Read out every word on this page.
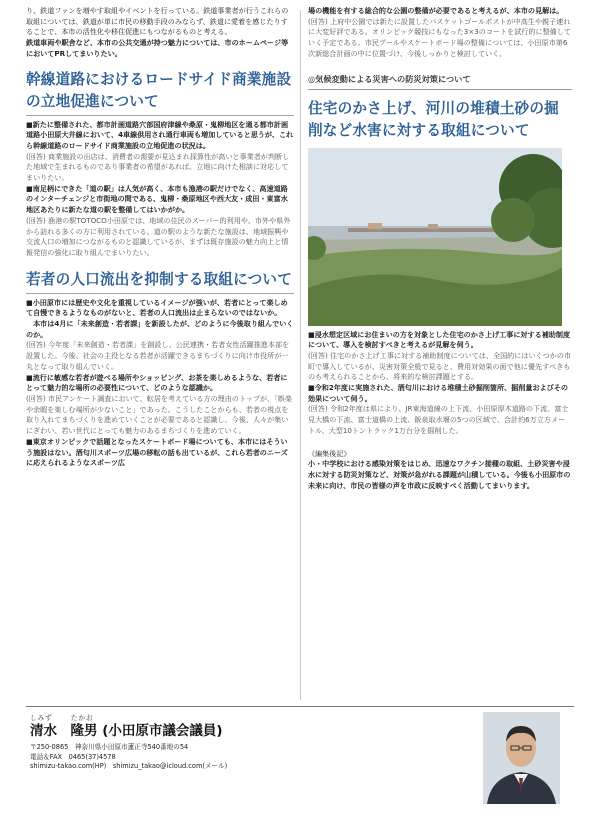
り、鉄道ファンを増やす取組やイベントを行っている。鉄道事業者が行うこれらの取組については、鉄道が単に市民の移動手段のみならず、鉄道に愛着を感じたりすることで、本市の活性化や移住促進にもつながるものと考える。

鉄道車両や駅舎など、本市の公共交通が持つ魅力については、市のホームページ等においてPRしてまいりたい。

幹線道路におけるロードサイド商業施設の立地促進について

■新たに整備された、都市計画道路穴部国府津線や桑原・鬼柳地区を通る都市計画道路小田原大井線において、4車線供用され通行車両も増加していると思うが、これら幹線道路のロードサイド商業施設の立地促進の状況は。

(回答) 商業施設の出店は、消費者の需要が見込まれ採算性が高いと事業者が判断した地域で生まれるものであり事業者の希望があれば、立地に向けた相談に対応してまいりたい。

■南足柄にできた「道の駅」は人気が高く、本市も漁港の駅だけでなく、高速道路のインターチェンジと市街地の間である、鬼柳・桑原地区や西大友・成田・東富水地区あたりに新たな道の駅を整備してはいかがか。

(回答) 漁港の駅TOTOCO小田原では、地域の住民のスーパー的利用や、市外や県外から訪れる多くの方に利用されている。道の駅のような新たな施設は、地域振興や交流人口の増加につながるものと認識しているが、まずは既存施設の魅力向上と情報発信の強化に取り組んでまいりたい。

若者の人口流出を抑制する取組について

■小田原市には歴史や文化を重視しているイメージが強いが、若者にとって楽しめて自慢できるようなものがないと、若者の人口流出は止まらないのではないか。

本市は4月に「未来創造・若者課」を新設したが、どのように今後取り組んでいくのか。

(回答) 今年度「未来創造・若者課」を創設し、公民連携・若者女性活躍推進本部を設置した。今後、社会の主役となる若者が活躍できるまちづくりに向け市役所が一丸となって取り組んでいく。

■流行に敏感な若者が遊べる場所やショッピング、お茶を楽しめるような、若者にとって魅力的な場所の必要性について、どのような認識か。

(回答) 市民アンケート調査において、転居を考えている方の理由のトップが、「娯楽や余暇を楽しむ場所が少ないこと」であった。こうしたことからも、若者の視点を取り入れてまちづくりを進めていくことが必要であると認識し、今後、人々が集いにぎわい、若い世代にとっても魅力のあるまちづくりを進めていく。

■東京オリンピックで話題となったスケートボード場についても、本市にはそういう施設はない。酒匂川スポーツ広場の移転の話も出ているが、これら若者のニーズに応えられるようなスポーツ広

場の機能を有する総合的な公園の整備が必要であると考えるが、本市の見解は。

(回答) 上府中公園では新たに設置したバスケットゴールポストが中高生や親子連れに大変好評である。オリンピック競技にもなった3×3のコートを試行的に整備していく予定である。市民プールやスケートボード場の整備については、小田原市第6次新総合計画の中に位置づけ、今後しっかりと検討していく。

◎気候変動による災害への防災対策について
住宅のかさ上げ、河川の堆積土砂の掘削など水害に対する取組について

■浸水想定区域にお住まいの方を対象とした住宅のかさ上げ工事に対する補助制度について、導入を検討すべきと考えるが見解を伺う。

(回答) 住宅のかさ上げ工事に対する補助制度については、全国的にはいくつかの市町で導入しているが、災害対策全般で見ると、費用対効果の面で他に優先すべきものも考えられることから、将来的な検討課題とする。

■令和2年度に実施された、酒匂川における堆積土砂掘削箇所、掘削量およびその効果について伺う。

(回答) 令和2年度は県により、JR東海道線の上下流、小田原厚木道路の下流、富士見大橋の下流、富士道橋の上流、飯泉取水堰の5つの区域で、合計約6万立方メートル、大型10トントラック1万台分を掘削した。

《編集後記》

小・中学校における感染対策をはじめ、迅速なワクチン接種の取組、土砂災害や浸水に対する防災対策など、対策が急がれる課題が山積している。今後も小田原市の未来に向け、市民の皆様の声を市政に反映すべく活動してまいります。

しみず	たかお
清水　隆男 (小田原市議会議員)
〒250-0865　神奈川県小田原市蓮正寺540番地の54
電話＆FAX　0465(37)4578
shimizu-takao.com(HP)　shimizu_takao@icloud.com(メール)
